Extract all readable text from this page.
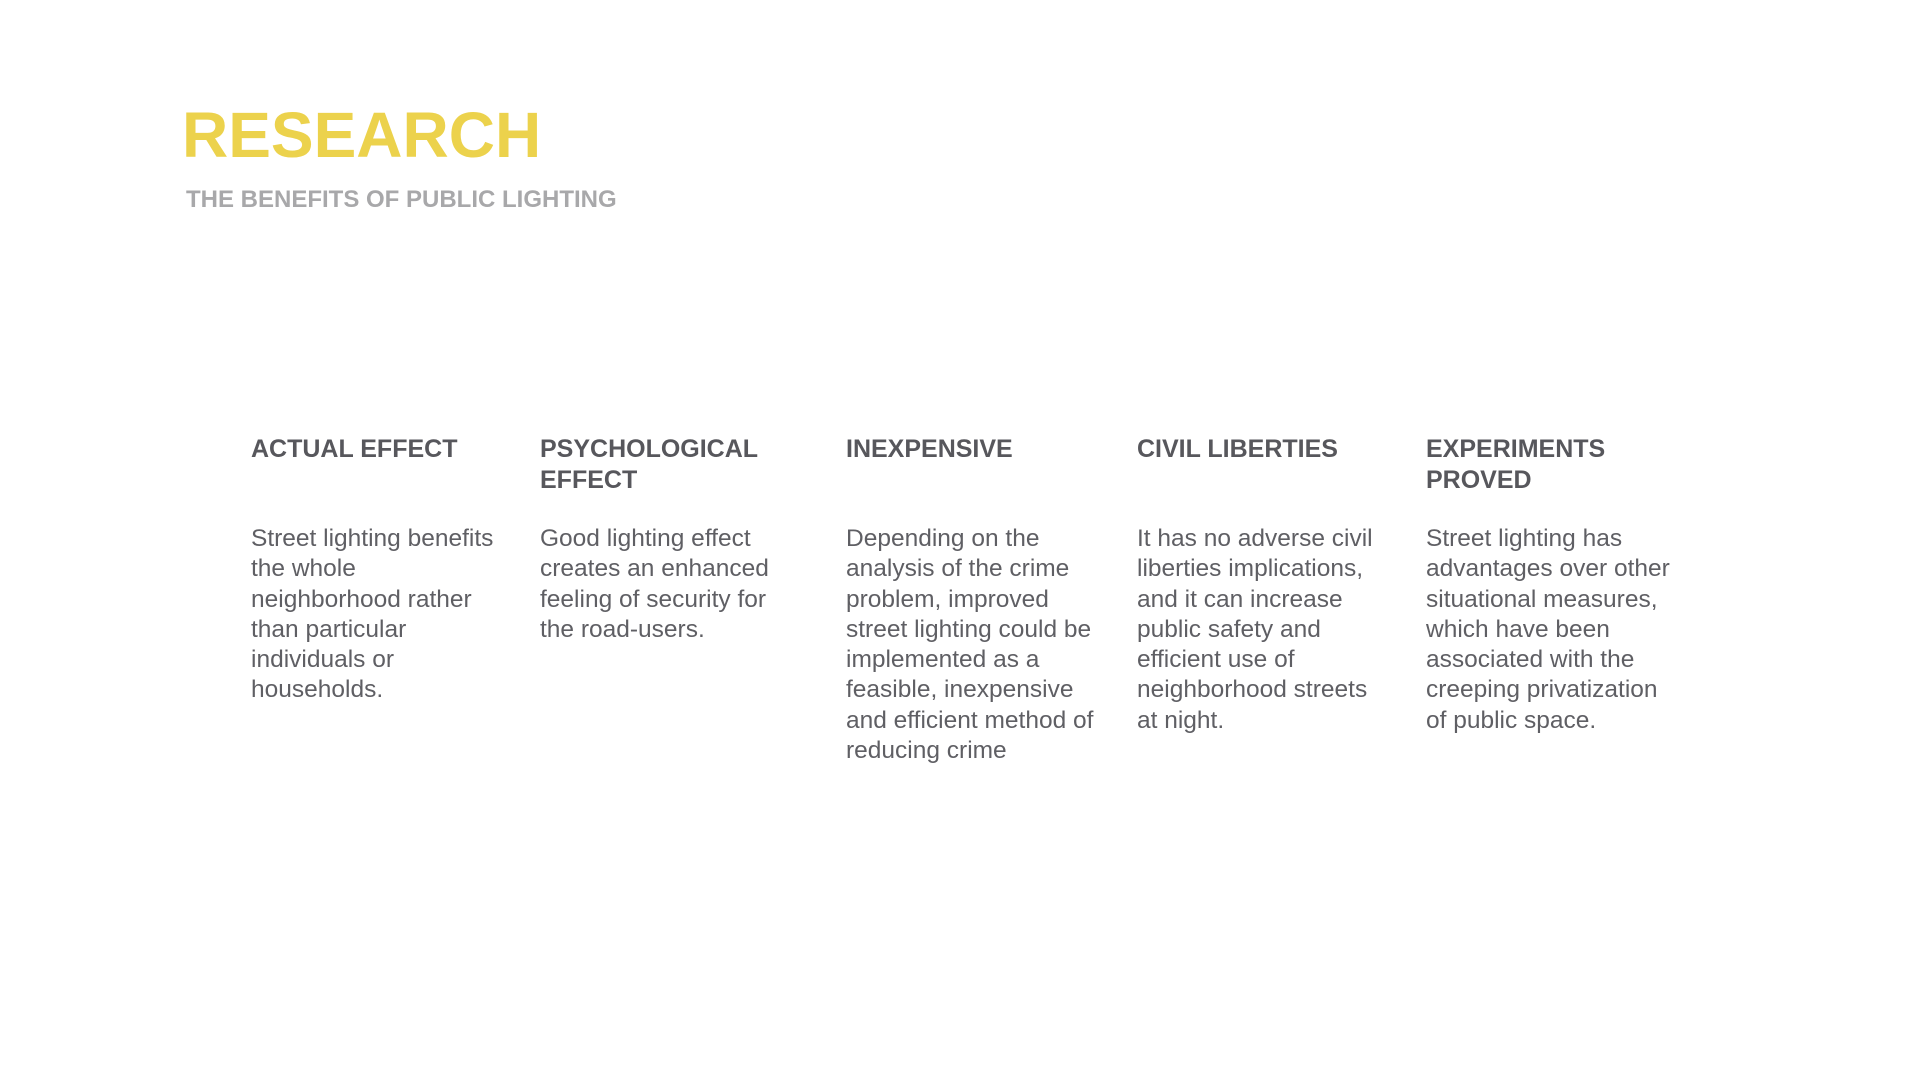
RESEARCH
THE BENEFITS OF PUBLIC LIGHTING
ACTUAL EFFECT

Street lighting benefits the whole neighborhood rather than particular individuals or households.

PSYCHOLOGICAL EFFECT

Good lighting effect creates an enhanced feeling of security for the road-users.

INEXPENSIVE

Depending on the analysis of the crime problem, improved street lighting could be implemented as a feasible, inexpensive and efficient method of reducing crime

CIVIL LIBERTIES

It has no adverse civil liberties implications, and it can increase public safety and efficient use of neighborhood streets at night.

EXPERIMENTS PROVED

Street lighting has advantages over other situational measures, which have been associated with the creeping privatization of public space.
